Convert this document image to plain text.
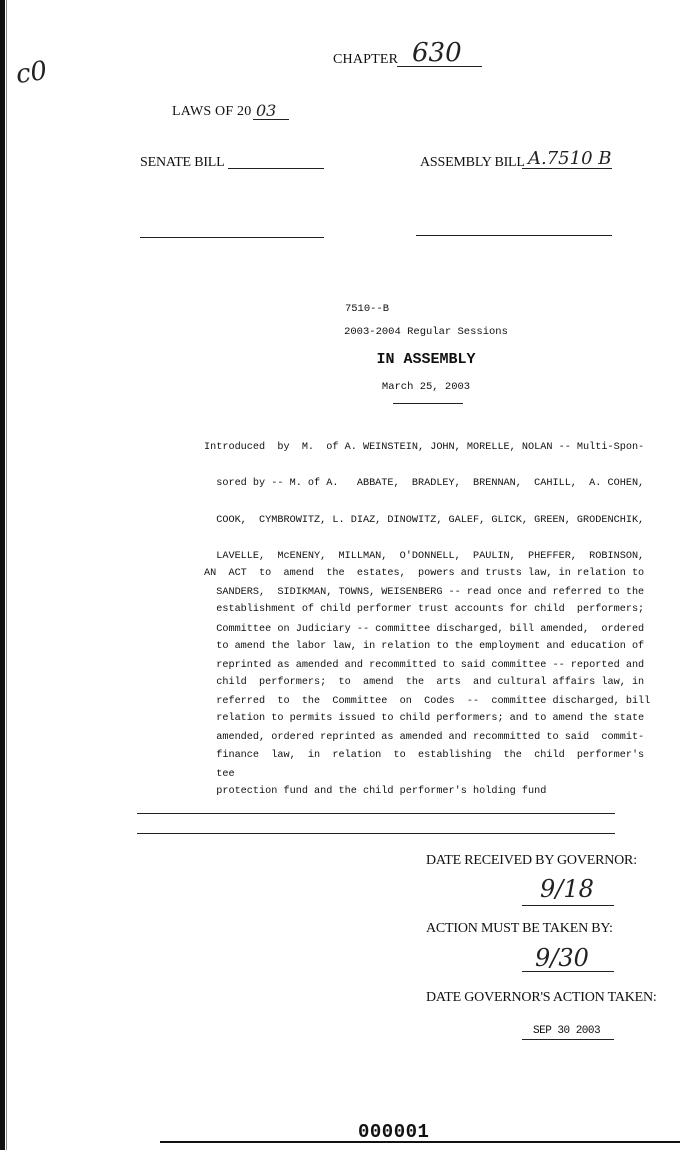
c0	CHAPTER 630
LAWS OF 20 03
SENATE BILL	ASSEMBLY BILL A.7510 B
7510--B
2003-2004 Regular Sessions
IN ASSEMBLY
March 25, 2003

Introduced  by  M.  of A. WEINSTEIN, JOHN, MORELLE, NOLAN -- Multi-Spon-

sored by -- M. of A.   ABBATE,  BRADLEY,  BRENNAN,  CAHILL,  A. COHEN,

COOK,  CYMBROWITZ, L. DIAZ, DINOWITZ, GALEF, GLICK, GREEN, GRODENCHIK,

LAVELLE,  McENENY,  MILLMAN,  O'DONNELL,  PAULIN,  PHEFFER,  ROBINSON,

SANDERS,  SIDIKMAN, TOWNS, WEISENBERG -- read once and referred to the

Committee on Judiciary -- committee discharged, bill amended,  ordered

reprinted as amended and recommitted to said committee -- reported and

referred  to  the  Committee  on  Codes  --  committee discharged, bill

amended, ordered reprinted as amended and recommitted to said  commit-

tee

AN  ACT  to  amend  the  estates,  powers and trusts law, in relation to

establishment of child performer trust accounts for child  performers;

to amend the labor law, in relation to the employment and education of

child  performers;  to  amend  the  arts  and cultural affairs law, in

relation to permits issued to child performers; and to amend the state

finance  law,  in  relation  to  establishing  the  child  performer's

protection fund and the child performer's holding fund

DATE RECEIVED BY GOVERNOR:
9/18
ACTION MUST BE TAKEN BY:
9/30
DATE GOVERNOR'S ACTION TAKEN:
SEP 30 2003
000001
